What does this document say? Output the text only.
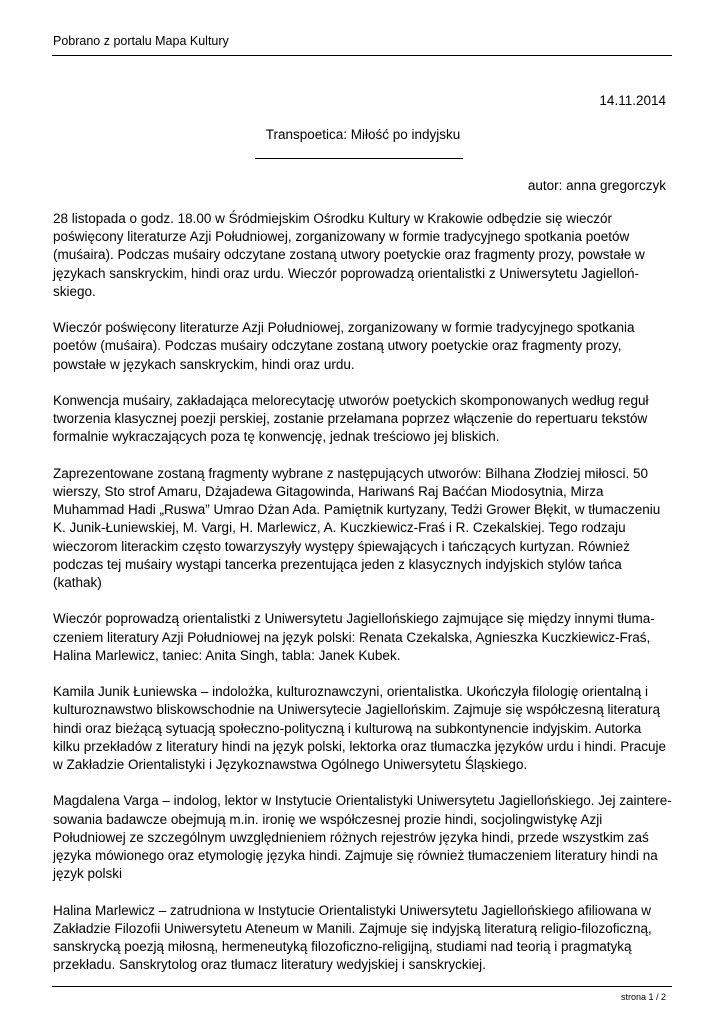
Pobrano z portalu Mapa Kultury
14.11.2014
Transpoetica: Miłość po indyjsku
autor: anna gregorczyk
28 listopada o godz. 18.00 w Śródmiejskim Ośrodku Kultury w Krakowie odbędzie się wieczór
poświęcony literaturze Azji Południowej, zorganizowany w formie tradycyjnego spotkania poetów
(muśaira). Podczas muśairy odczytane zostaną utwory poetyckie oraz fragmenty prozy, powstałe w
językach sanskryckim, hindi oraz urdu. Wieczór poprowadzą orientalistki z Uniwersytetu Jagielloń-
skiego.
Wieczór poświęcony literaturze Azji Południowej, zorganizowany w formie tradycyjnego spotkania
poetów (muśaira). Podczas muśairy odczytane zostaną utwory poetyckie oraz fragmenty prozy,
powstałe w językach sanskryckim, hindi oraz urdu.
Konwencja muśairy, zakładająca melorecytację utworów poetyckich skomponowanych według reguł
tworzenia klasycznej poezji perskiej, zostanie przełamana poprzez włączenie do repertuaru tekstów
formalnie wykraczających poza tę konwencję, jednak treściowo jej bliskich.
Zaprezentowane zostaną fragmenty wybrane z następujących utworów: Bilhana Złodziej miłosci. 50
wierszy, Sto strof Amaru, Dżajadewa Gitagowinda, Hariwanś Raj Baććan Miodosytnia, Mirza
Muhammad Hadi „Ruswa” Umrao Dżan Ada. Pamiętnik kurtyzany, Tedżi Grower Błękit, w tłumaczeniu
K. Junik-Łuniewskiej, M. Vargi, H. Marlewicz, A. Kuczkiewicz-Fraś i R. Czekalskiej. Tego rodzaju
wieczorom literackim często towarzyszyły występy śpiewających i tańczących kurtyzan. Również
podczas tej muśairy wystąpi tancerka prezentująca jeden z klasycznych indyjskich stylów tańca
(kathak)
Wieczór poprowadzą orientalistki z Uniwersytetu Jagiellońskiego zajmujące się między innymi tłuma-
czeniem literatury Azji Południowej na język polski: Renata Czekalska, Agnieszka Kuczkiewicz-Fraś,
Halina Marlewicz, taniec: Anita Singh, tabla: Janek Kubek.
Kamila Junik Łuniewska – indolożka, kulturoznawczyni, orientalistka. Ukończyła filologię orientalną i
kulturoznawstwo bliskowschodnie na Uniwersytecie Jagiellońskim. Zajmuje się współczesną literaturą
hindi oraz bieżącą sytuacją społeczno-polityczną i kulturową na subkontynencie indyjskim. Autorka
kilku przekładów z literatury hindi na język polski, lektorka oraz tłumaczka języków urdu i hindi. Pracuje
w Zakładzie Orientalistyki i Językoznawstwa Ogólnego Uniwersytetu Śląskiego.
Magdalena Varga – indolog, lektor w Instytucie Orientalistyki Uniwersytetu Jagiellońskiego. Jej zaintere-
sowania badawcze obejmują m.in. ironię we współczesnej prozie hindi, socjolingwistykę Azji
Południowej ze szczególnym uwzględnieniem różnych rejestrów języka hindi, przede wszystkim zaś
języka mówionego oraz etymologię języka hindi. Zajmuje się również tłumaczeniem literatury hindi na
język polski
Halina Marlewicz – zatrudniona w Instytucie Orientalistyki Uniwersytetu Jagiellońskiego afiliowana w
Zakładzie Filozofii Uniwersytetu Ateneum w Manili. Zajmuje się indyjską literaturą religio-filozoficzną,
sanskrycką poezją miłosną, hermeneutyką filozoficzno-religijną, studiami nad teorią i pragmatyką
przekładu. Sanskrytolog oraz tłumacz literatury wedyjskiej i sanskryckiej.
strona 1 / 2
